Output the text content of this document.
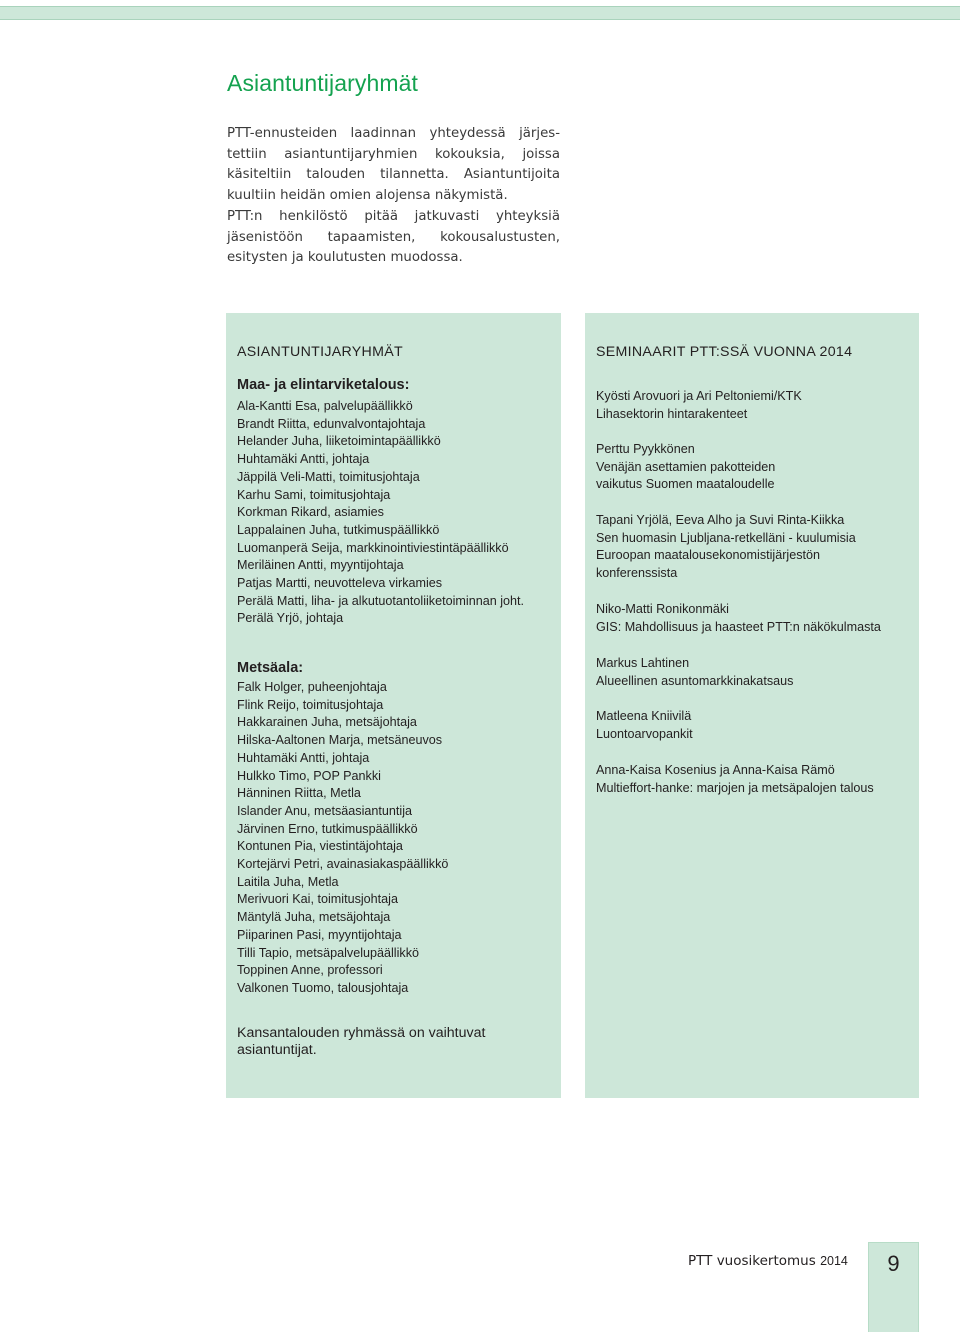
Asiantuntijaryhmät

PTT-ennusteiden laadinnan yhteydessä järjes-
tettiin asiantuntijaryhmien kokouksia, joissa
käsiteltiin talouden tilannetta. Asiantuntijoita
kuultiin heidän omien alojensa näkymistä.
PTT:n henkilöstö pitää jatkuvasti yhteyksiä
jäsenistöön tapaamisten, kokousalustusten,
esitysten ja koulutusten muodossa.

ASIANTUNTIJARYHMÄT
Maa- ja elintarviketalous:
Ala-Kantti Esa, palvelupäällikkö
Brandt Riitta, edunvalvontajohtaja
Helander Juha, liiketoimintapäällikkö
Huhtamäki Antti, johtaja
Jäppilä Veli-Matti, toimitusjohtaja
Karhu Sami, toimitusjohtaja
Korkman Rikard, asiamies
Lappalainen Juha, tutkimuspäällikkö
Luomanperä Seija, markkinointiviestintäpäällikkö
Meriläinen Antti, myyntijohtaja
Patjas Martti, neuvotteleva virkamies
Perälä Matti, liha- ja alkutuotantoliiketoiminnan joht.
Perälä Yrjö, johtaja
Metsäala:
Falk Holger, puheenjohtaja
Flink Reijo, toimitusjohtaja
Hakkarainen Juha, metsäjohtaja
Hilska-Aaltonen Marja, metsäneuvos
Huhtamäki Antti, johtaja
Hulkko Timo, POP Pankki
Hänninen Riitta, Metla
Islander Anu, metsäasiantuntija
Järvinen Erno, tutkimuspäällikkö
Kontunen Pia, viestintäjohtaja
Kortejärvi Petri, avainasiakaspäällikkö
Laitila Juha, Metla
Merivuori Kai, toimitusjohtaja
Mäntylä Juha, metsäjohtaja
Piiparinen Pasi, myyntijohtaja
Tilli Tapio, metsäpalvelupäällikkö
Toppinen Anne, professori
Valkonen Tuomo, talousjohtaja

Kansantalouden ryhmässä on vaihtuvat asiantuntijat.

SEMINAARIT PTT:SSÄ VUONNA 2014

Kyösti Arovuori ja Ari Peltoniemi/KTK
Lihasektorin hintarakenteet

Perttu Pyykkönen
Venäjän asettamien pakotteiden
vaikutus Suomen maataloudelle

Tapani Yrjölä, Eeva Alho ja Suvi Rinta-Kiikka
Sen huomasin Ljubljana-retkelläni - kuulumisia
Euroopan maatalousekonomistijärjestön
konferenssista

Niko-Matti Ronikonmäki
GIS: Mahdollisuus ja haasteet PTT:n näkökulmasta

Markus Lahtinen
Alueellinen asuntomarkkinakatsaus

Matleena Kniivilä
Luontoarvopankit

Anna-Kaisa Kosenius ja Anna-Kaisa Rämö
Multieffort-hanke: marjojen ja metsäpalojen talous

PTT vuosikertomus 2014	9
